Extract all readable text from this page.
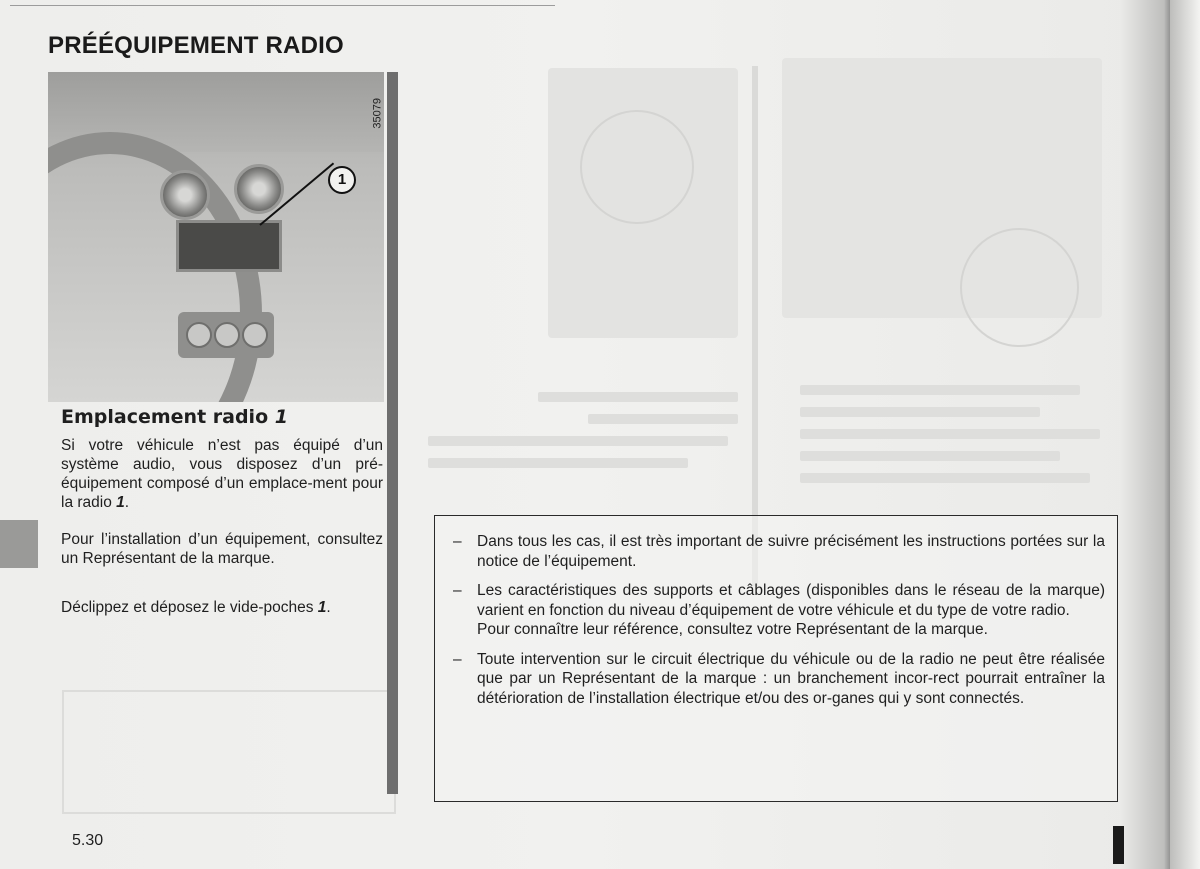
PRÉÉQUIPEMENT RADIO
1
35079
Emplacement radio 1

Si votre véhicule n’est pas équipé d’un système audio, vous disposez d’un pré-équipement composé d’un emplace-ment pour la radio 1.

Pour l’installation d’un équipement, consultez un Représentant de la marque.

Déclippez et déposez le vide-poches 1.

– Dans tous les cas, il est très important de suivre précisément les instructions portées sur la notice de l’équipement.
– Les caractéristiques des supports et câblages (disponibles dans le réseau de la marque) varient en fonction du niveau d’équipement de votre véhicule et du type de votre radio.
Pour connaître leur référence, consultez votre Représentant de la marque.
– Toute intervention sur le circuit électrique du véhicule ou de la radio ne peut être réalisée que par un Représentant de la marque : un branchement incor-rect pourrait entraîner la détérioration de l’installation électrique et/ou des or-ganes qui y sont connectés.

5.30
